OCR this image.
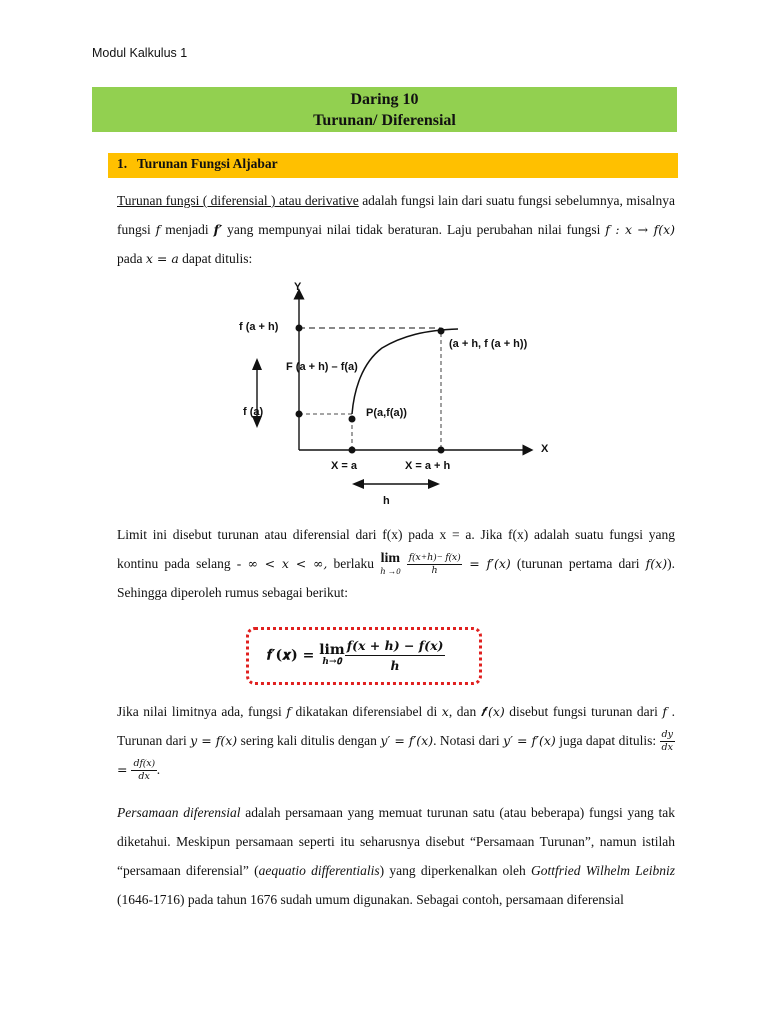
Modul Kalkulus 1
Daring 10
Turunan/ Diferensial
1. Turunan Fungsi Aljabar
Turunan fungsi ( diferensial ) atau derivative adalah fungsi lain dari suatu fungsi sebelumnya, misalnya fungsi 𝑓 menjadi 𝒇′ yang mempunyai nilai tidak beraturan. Laju perubahan nilai fungsi 𝑓 : 𝑥 → 𝑓(𝑥) pada 𝑥 = 𝑎 dapat ditulis:
Y
X
f (a + h)
f (a)
(a + h, f (a + h))
F (a + h) – f(a)
P(a,f(a))
X = a	X = a + h
h
Limit ini disebut turunan atau diferensial dari f(x) pada x = a. Jika f(x) adalah suatu fungsi yang kontinu pada selang - ∞ < 𝑥 < ∞, berlaku lim
ℎ →0
$\frac{\text{𝑓(𝑥+ℎ)− 𝑓(𝑥)}}{\text{ℎ}}$ = 𝑓′(𝑥) (turunan pertama dari 𝑓(𝑥)). Sehingga diperoleh rumus sebagai berikut:
𝒇′(𝒙) = lim
ℎ→𝟎 $\frac{\text{𝒇(𝒙 + 𝒉) − 𝒇(𝒙)}}{\text{𝒉}}$
Jika nilai limitnya ada, fungsi 𝑓 dikatakan diferensiabel di 𝑥, dan 𝒇′(𝑥) disebut fungsi turunan dari 𝑓 . Turunan dari 𝑦 = 𝑓(𝑥) sering kali ditulis dengan 𝑦′ = 𝑓′(𝑥). Notasi dari 𝑦′ = 𝑓′(𝑥) juga dapat ditulis: $\frac{\text{𝑑𝑦}}{\text{𝑑𝑥}}$
= $\frac{\text{𝑑𝑓(𝑥)}}{\text{𝑑𝑥}}$ .
Persamaan diferensial adalah persamaan yang memuat turunan satu (atau beberapa) fungsi yang tak diketahui. Meskipun persamaan seperti itu seharusnya disebut “Persamaan Turunan”, namun istilah “persamaan diferensial” (aequatio differentialis) yang diperkenalkan oleh Gottfried Wilhelm Leibniz (1646-1716) pada tahun 1676 sudah umum digunakan. Sebagai contoh, persamaan diferensial
